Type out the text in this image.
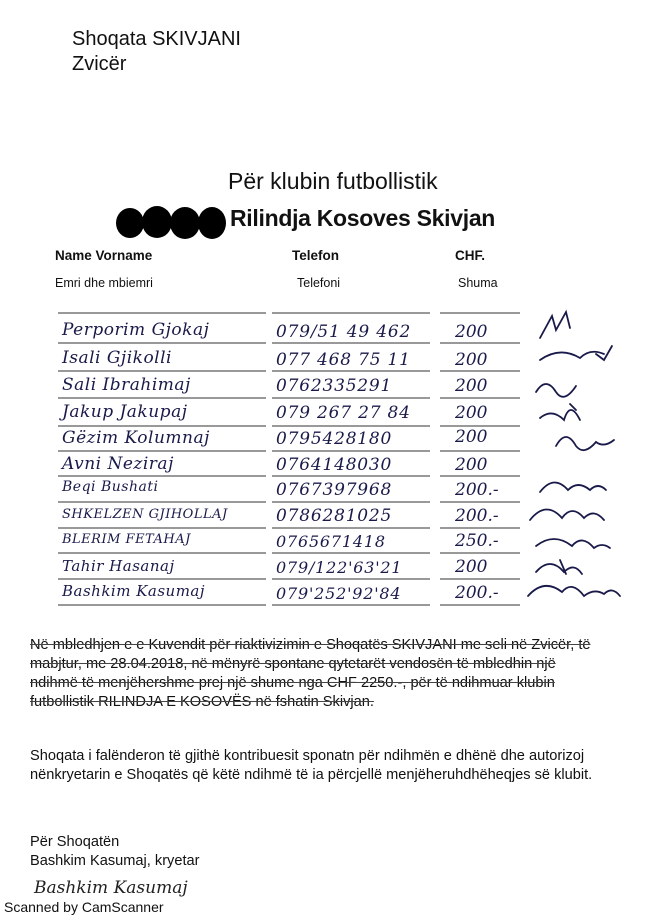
Shoqata SKIVJANI
Zvicër
Për klubin futbollistik
Rilindja Kosoves Skivjan
Name Vorname	Telefon	CHF.
Emri dhe mbiemri	Telefoni	Shuma
Perporim Gjokaj	079/51 49 462	200
Isali Gjikolli	077 468 75 11	200
Sali Ibrahimaj	0762335291	200
Jakup Jakupaj	079 267 27 84	200
Gëzim Kolumnaj	0795428180	200
Avni Neziraj	0764148030	200
Beqi Bushati	0767397968	200.-
SHKELZEN GJIHOLLAJ	0786281025	200.-
BLERIM FETAHAJ	0765671418	250.-
Tahir Hasanaj	079/122'63'21	200
Bashkim Kasumaj	079'252'92'84	200.-
Në mbledhjen e e Kuvendit për riaktivizimin e Shoqatës SKIVJANI me seli në Zvicër, të mabjtur, me 28.04.2018, në mënyrë spontane qytetarët vendosën të mbledhin një ndihmë të menjëhershme prej një shume nga CHF 2250.-, për të ndihmuar klubin futbollistik RILINDJA E KOSOVËS në fshatin Skivjan.
Shoqata i falënderon të gjithë kontribuesit sponatn për ndihmën e dhënë dhe autorizoj nënkryetarin e Shoqatës që këtë ndihmë të ia përcjellë menjëheruhdhëheqjes së klubit.
Për Shoqatën
Bashkim Kasumaj, kryetar
Bashkim Kasumaj
Scanned by CamScanner
